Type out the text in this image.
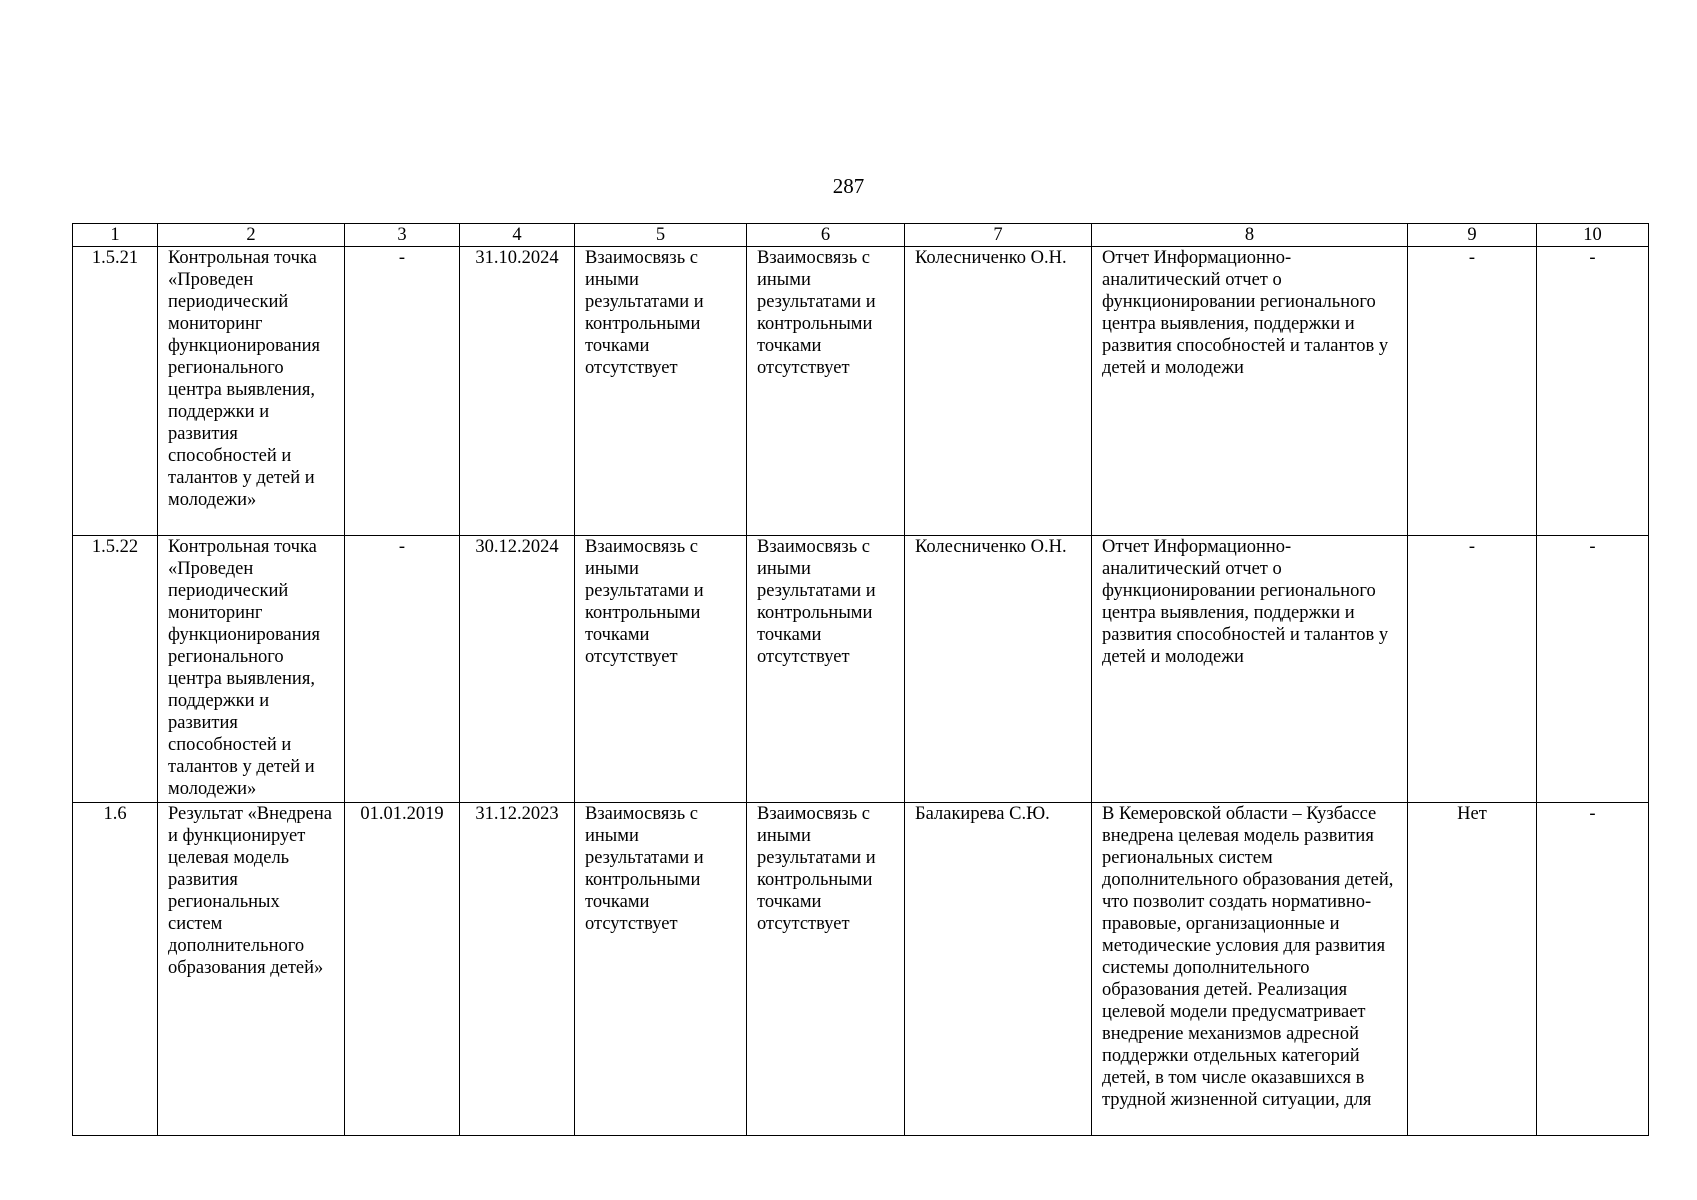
287
1	2	3	4	5	6	7	8	9	10
1.5.21	Контрольная точка «Проведен периодический мониторинг функционирования регионального центра выявления, поддержки и развития способностей и талантов у детей и молодежи»	-	31.10.2024	Взаимосвязь с иными результатами и контрольными точками отсутствует	Взаимосвязь с иными результатами и контрольными точками отсутствует	Колесниченко О.Н.	Отчет Информационно-аналитический отчет о функционировании регионального центра выявления, поддержки и развития способностей и талантов у детей и молодежи	-	-
1.5.22	Контрольная точка «Проведен периодический мониторинг функционирования регионального центра выявления, поддержки и развития способностей и талантов у детей и молодежи»	-	30.12.2024	Взаимосвязь с иными результатами и контрольными точками отсутствует	Взаимосвязь с иными результатами и контрольными точками отсутствует	Колесниченко О.Н.	Отчет Информационно-аналитический отчет о функционировании регионального центра выявления, поддержки и развития способностей и талантов у детей и молодежи	-	-
1.6	Результат «Внедрена и функционирует целевая модель развития региональных систем дополнительного образования детей»	01.01.2019	31.12.2023	Взаимосвязь с иными результатами и контрольными точками отсутствует	Взаимосвязь с иными результатами и контрольными точками отсутствует	Балакирева С.Ю.	В Кемеровской области – Кузбассе внедрена целевая модель развития региональных систем дополнительного образования детей, что позволит создать нормативно-правовые, организационные и методические условия для развития системы дополнительного образования детей. Реализация целевой модели предусматривает внедрение механизмов адресной поддержки отдельных категорий детей, в том числе оказавшихся в трудной жизненной ситуации, для	Нет	-
